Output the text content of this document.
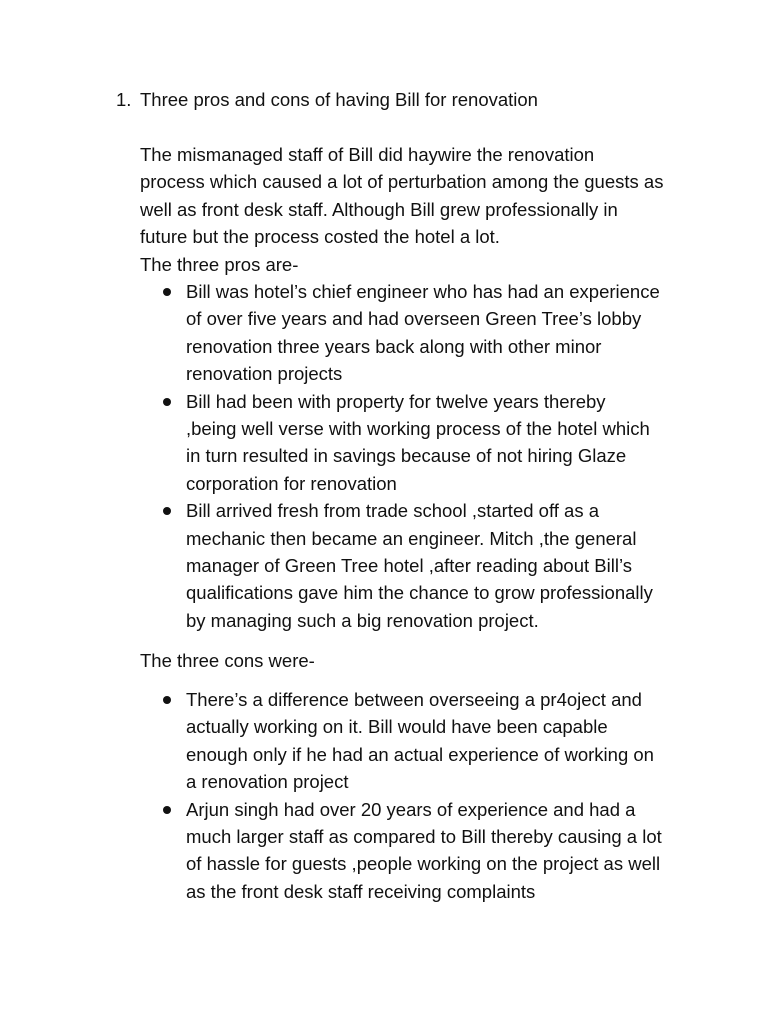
1. Three pros and cons of having Bill for renovation
The mismanaged staff of Bill did haywire the renovation
process which caused a lot of perturbation among the guests as
well as front desk staff. Although Bill grew professionally in
future but the process costed the hotel a lot.
The three pros are-
Bill was hotel’s chief engineer who has had an experience
of over five years and had overseen Green Tree’s lobby
renovation three years back along with other minor
renovation projects
Bill had been with property for twelve years thereby
,being well verse with working process of the hotel which
in turn resulted in savings because of not hiring Glaze
corporation for renovation
Bill arrived fresh from trade school ,started off as a
mechanic then became an engineer. Mitch ,the general
manager of Green Tree hotel ,after reading about Bill’s
qualifications gave him the chance to grow professionally
by managing such a big renovation project.
The three cons were-
There’s a difference between overseeing a pr4oject and
actually working on it. Bill would have been capable
enough only if he had an actual experience of working on
a renovation project
Arjun singh had over 20 years of experience and had a
much larger staff as compared to Bill thereby causing a lot
of hassle for guests ,people working on the project as well
as the front desk staff receiving complaints
